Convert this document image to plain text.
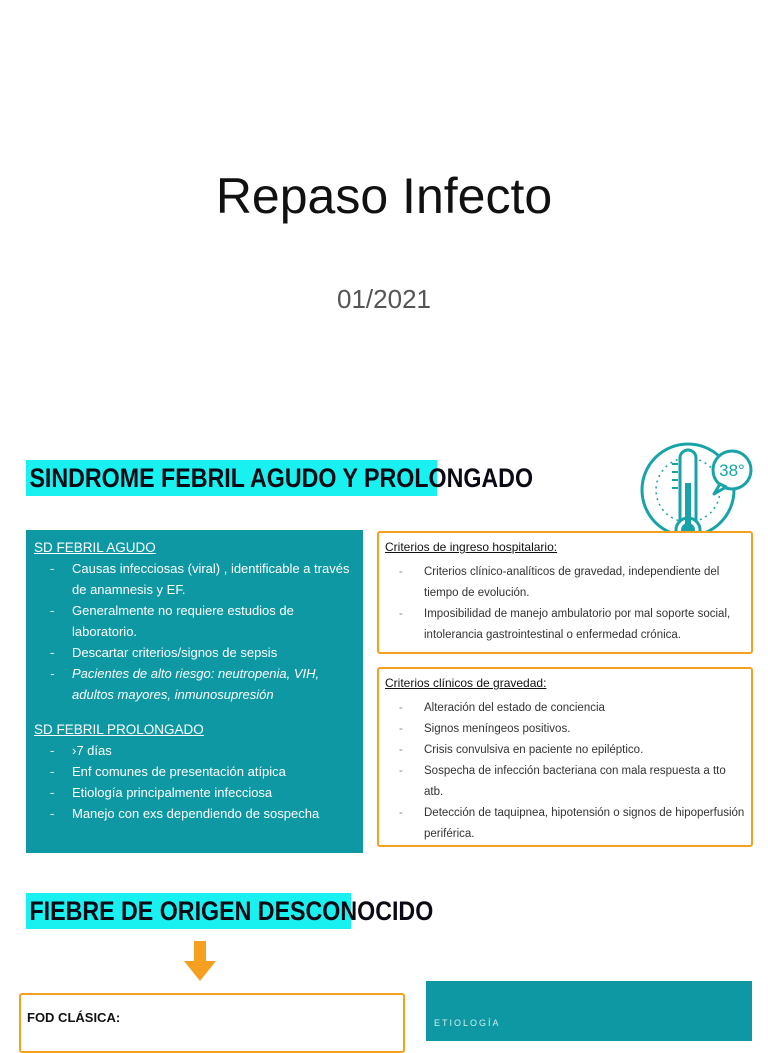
Repaso Infecto
01/2021
SINDROME FEBRIL AGUDO Y PROLONGADO	38°
SD FEBRIL AGUDO
- Causas infecciosas (viral) , identificable a través de anamnesis y EF.
- Generalmente no requiere estudios de laboratorio.
- Descartar criterios/signos de sepsis
- Pacientes de alto riesgo: neutropenia, VIH, adultos mayores, inmunosupresión
SD FEBRIL PROLONGADO
- ›7 días
- Enf comunes de presentación atípica
- Etiología principalmente infecciosa
- Manejo con exs dependiendo de sospecha
Criterios de ingreso hospitalario:
- Criterios clínico-analíticos de gravedad, independiente del tiempo de evolución.
- Imposibilidad de manejo ambulatorio por mal soporte social, intolerancia gastrointestinal o enfermedad crónica.
Criterios clínicos de gravedad:
- Alteración del estado de conciencia
- Signos meníngeos positivos.
- Crisis convulsiva en paciente no epiléptico.
- Sospecha de infección bacteriana con mala respuesta a tto atb.
- Detección de taquipnea, hipotensión o signos de hipoperfusión periférica.
FIEBRE DE ORIGEN DESCONOCIDO
FOD CLÁSICA:	ETIOLOGÍA
